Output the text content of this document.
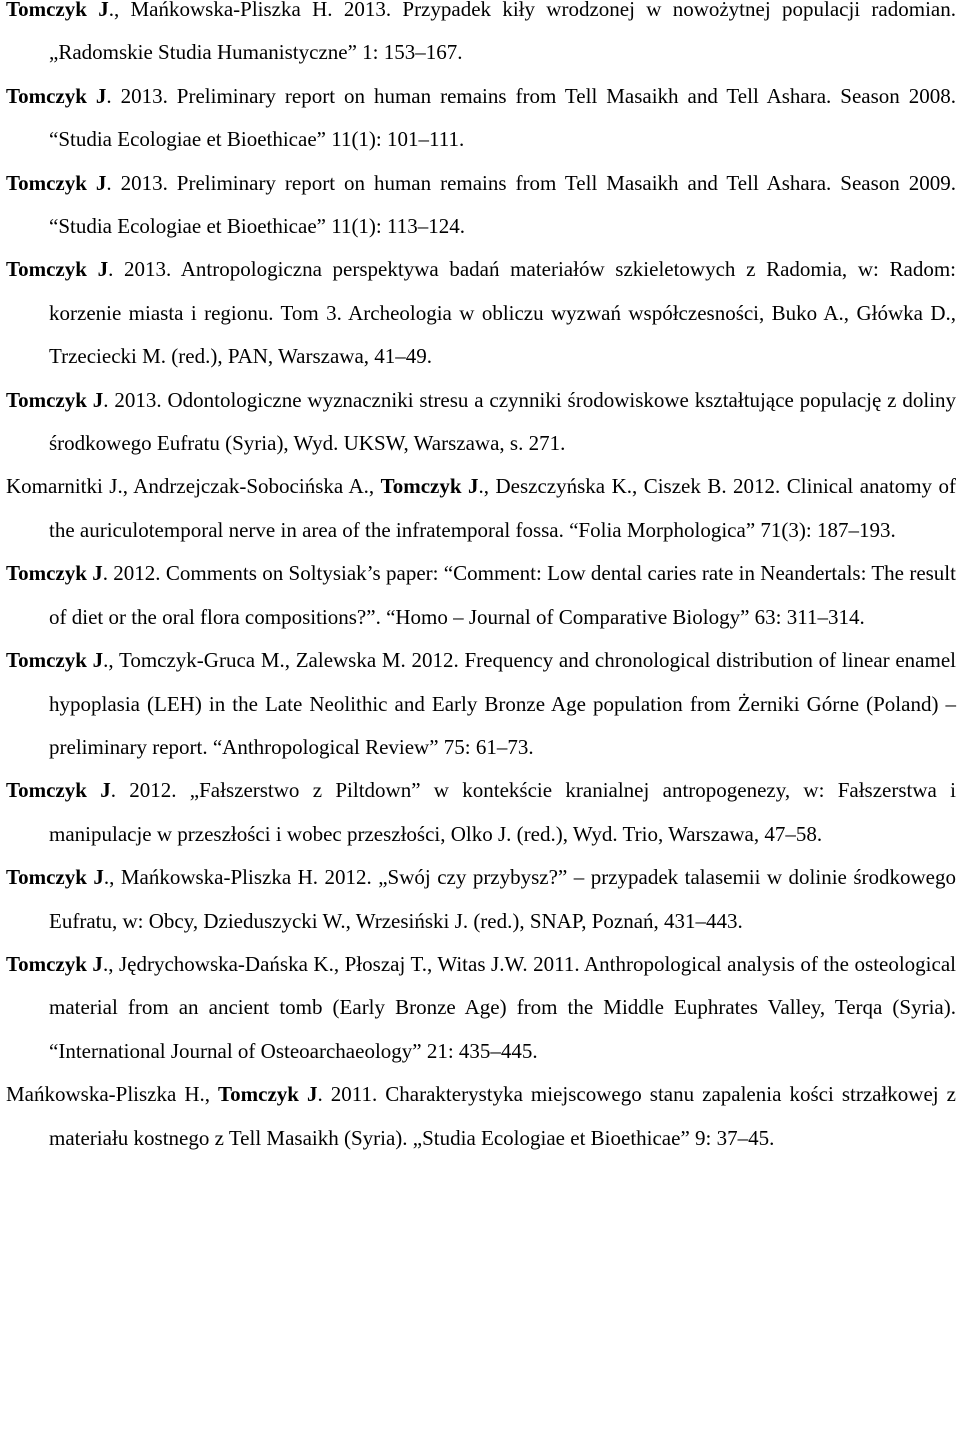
Tomczyk J., Mańkowska-Pliszka H. 2013. Przypadek kiły wrodzonej w nowożytnej populacji radomian. „Radomskie Studia Humanistyczne” 1: 153–167.

Tomczyk J. 2013. Preliminary report on human remains from Tell Masaikh and Tell Ashara. Season 2008. “Studia Ecologiae et Bioethicae” 11(1): 101–111.

Tomczyk J. 2013. Preliminary report on human remains from Tell Masaikh and Tell Ashara. Season 2009. “Studia Ecologiae et Bioethicae” 11(1): 113–124.

Tomczyk J. 2013. Antropologiczna perspektywa badań materiałów szkieletowych z Radomia, w: Radom: korzenie miasta i regionu. Tom 3. Archeologia w obliczu wyzwań współczesności, Buko A., Główka D., Trzeciecki M. (red.), PAN, Warszawa, 41–49.

Tomczyk J. 2013. Odontologiczne wyznaczniki stresu a czynniki środowiskowe kształtujące populację z doliny środkowego Eufratu (Syria), Wyd. UKSW, Warszawa, s. 271.

Komarnitki J., Andrzejczak-Sobocińska A., Tomczyk J., Deszczyńska K., Ciszek B. 2012. Clinical anatomy of the auriculotemporal nerve in area of the infratemporal fossa. “Folia Morphologica” 71(3): 187–193.

Tomczyk J. 2012. Comments on Soltysiak’s paper: “Comment: Low dental caries rate in Neandertals: The result of diet or the oral flora compositions?”. “Homo – Journal of Comparative Biology” 63: 311–314.

Tomczyk J., Tomczyk-Gruca M., Zalewska M. 2012. Frequency and chronological distribution of linear enamel hypoplasia (LEH) in the Late Neolithic and Early Bronze Age population from Żerniki Górne (Poland) – preliminary report. “Anthropological Review” 75: 61–73.

Tomczyk J. 2012. „Fałszerstwo z Piltdown” w kontekście kranialnej antropogenezy, w: Fałszerstwa i manipulacje w przeszłości i wobec przeszłości, Olko J. (red.), Wyd. Trio, Warszawa, 47–58.

Tomczyk J., Mańkowska-Pliszka H. 2012. „Swój czy przybysz?” – przypadek talasemii w dolinie środkowego Eufratu, w: Obcy, Dzieduszycki W., Wrzesiński J. (red.), SNAP, Poznań, 431–443.

Tomczyk J., Jędrychowska-Dańska K., Płoszaj T., Witas J.W. 2011. Anthropological analysis of the osteological material from an ancient tomb (Early Bronze Age) from the Middle Euphrates Valley, Terqa (Syria). “International Journal of Osteoarchaeology” 21: 435–445.

Mańkowska-Pliszka H., Tomczyk J. 2011. Charakterystyka miejscowego stanu zapalenia kości strzałkowej z materiału kostnego z Tell Masaikh (Syria). „Studia Ecologiae et Bioethicae” 9: 37–45.
